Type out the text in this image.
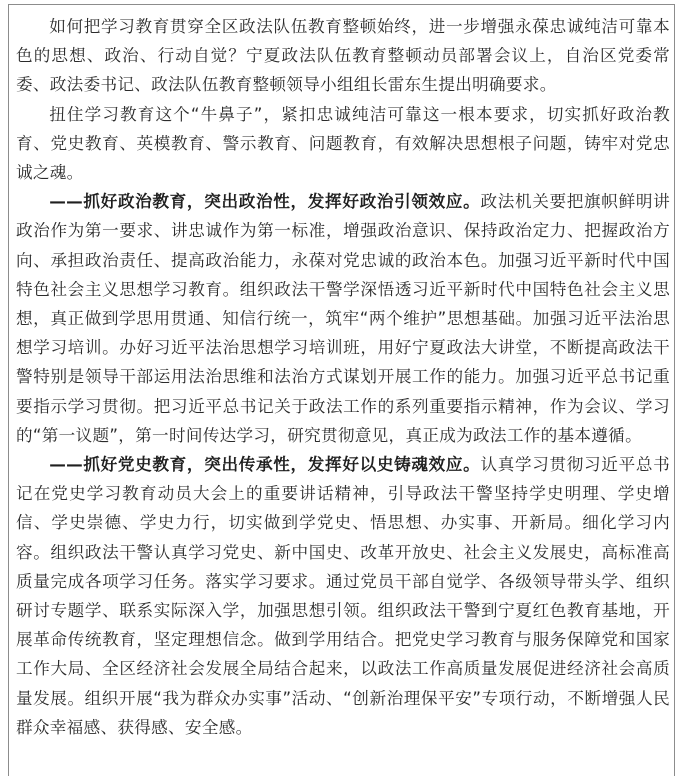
如何把学习教育贯穿全区政法队伍教育整顿始终，进一步增强永葆忠诚纯洁可靠本色的思想、政治、行动自觉？宁夏政法队伍教育整顿动员部署会议上，自治区党委常委、政法委书记、政法队伍教育整顿领导小组组长雷东生提出明确要求。

扭住学习教育这个“牛鼻子”，紧扣忠诚纯洁可靠这一根本要求，切实抓好政治教育、党史教育、英模教育、警示教育、问题教育，有效解决思想根子问题，铸牢对党忠诚之魂。

——抓好政治教育，突出政治性，发挥好政治引领效应。政法机关要把旗帜鲜明讲政治作为第一要求、讲忠诚作为第一标准，增强政治意识、保持政治定力、把握政治方向、承担政治责任、提高政治能力，永葆对党忠诚的政治本色。加强习近平新时代中国特色社会主义思想学习教育。组织政法干警学深悟透习近平新时代中国特色社会主义思想，真正做到学思用贯通、知信行统一，筑牢“两个维护”思想基础。加强习近平法治思想学习培训。办好习近平法治思想学习培训班，用好宁夏政法大讲堂，不断提高政法干警特别是领导干部运用法治思维和法治方式谋划开展工作的能力。加强习近平总书记重要指示学习贯彻。把习近平总书记关于政法工作的系列重要指示精神，作为会议、学习的“第一议题”，第一时间传达学习，研究贯彻意见，真正成为政法工作的基本遵循。

——抓好党史教育，突出传承性，发挥好以史铸魂效应。认真学习贯彻习近平总书记在党史学习教育动员大会上的重要讲话精神，引导政法干警坚持学史明理、学史增信、学史崇德、学史力行，切实做到学党史、悟思想、办实事、开新局。细化学习内容。组织政法干警认真学习党史、新中国史、改革开放史、社会主义发展史，高标准高质量完成各项学习任务。落实学习要求。通过党员干部自觉学、各级领导带头学、组织研讨专题学、联系实际深入学，加强思想引领。组织政法干警到宁夏红色教育基地，开展革命传统教育，坚定理想信念。做到学用结合。把党史学习教育与服务保障党和国家工作大局、全区经济社会发展全局结合起来，以政法工作高质量发展促进经济社会高质量发展。组织开展“我为群众办实事”活动、“创新治理保平安”专项行动，不断增强人民群众幸福感、获得感、安全感。
